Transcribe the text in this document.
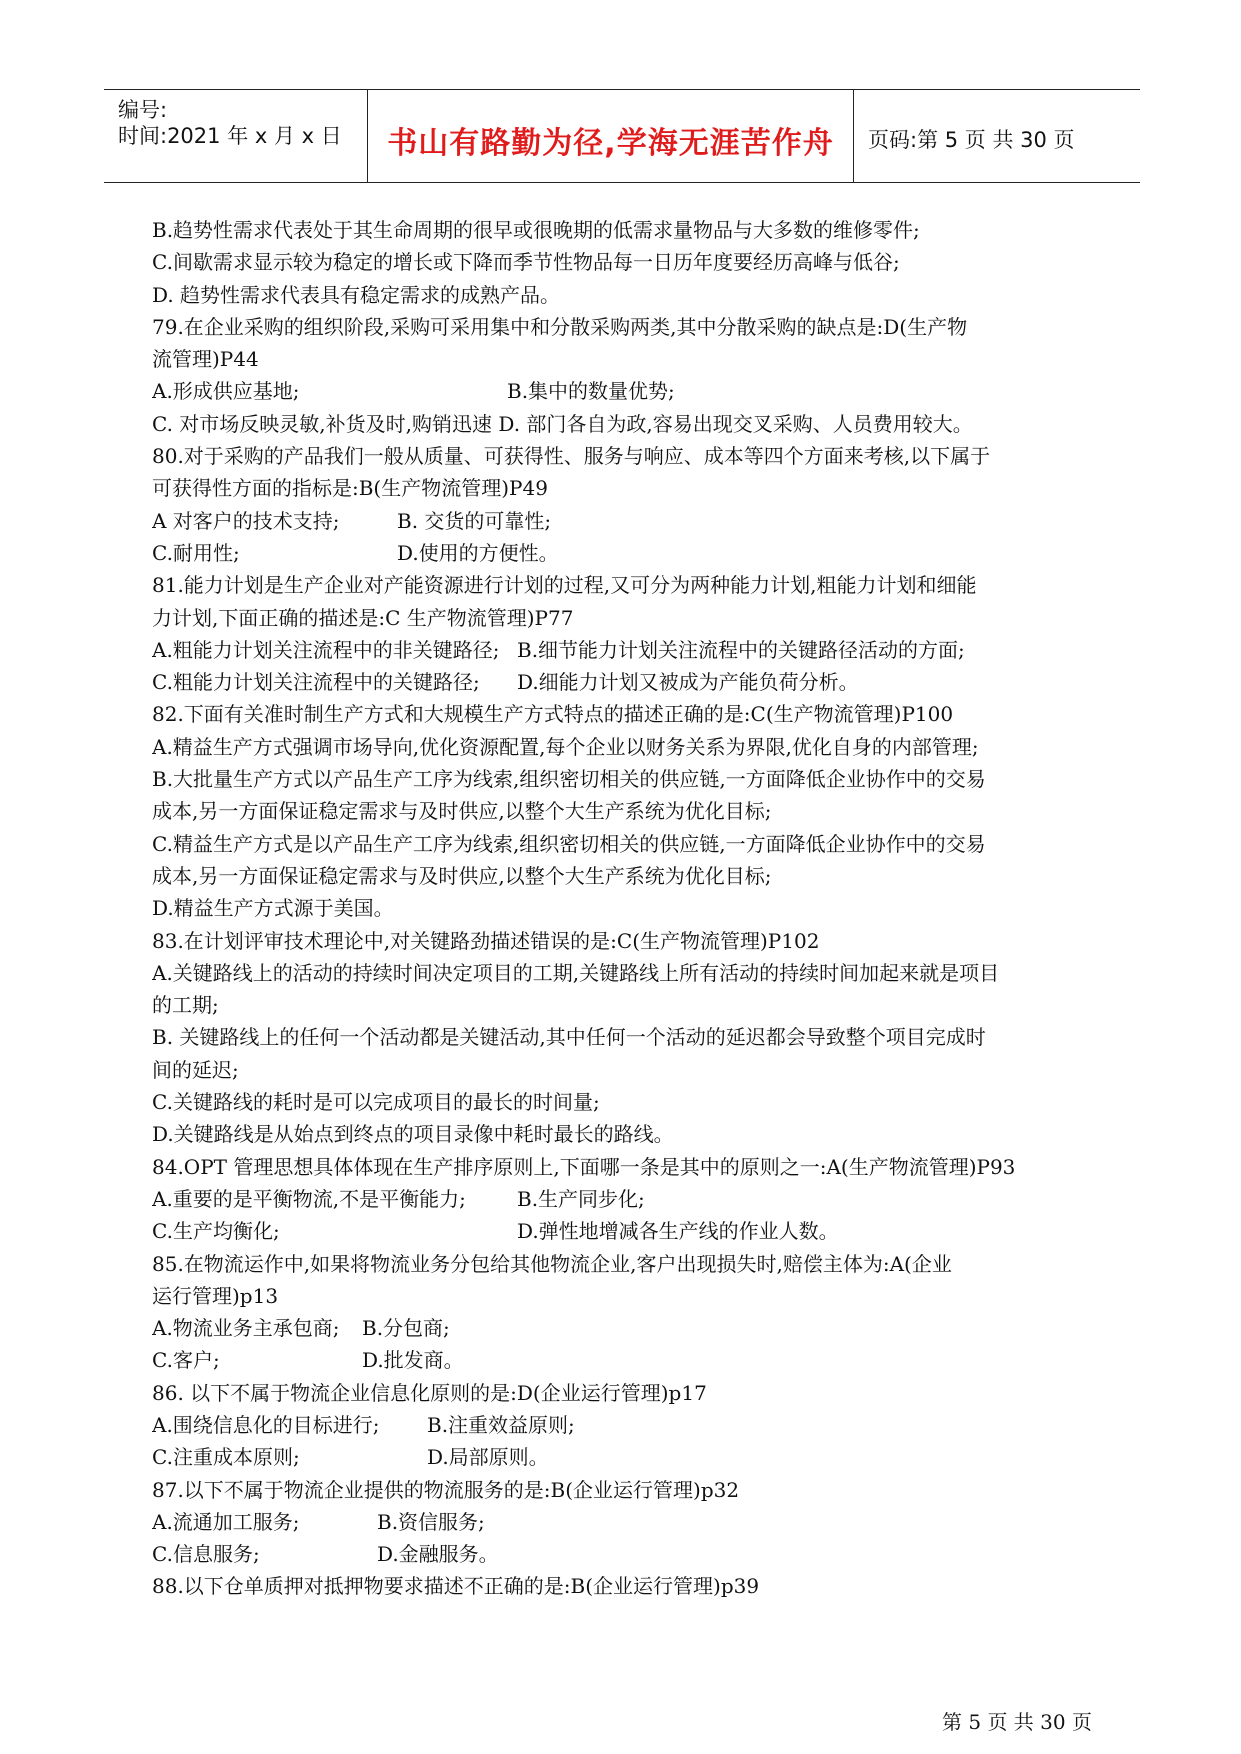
编号:
时间:2021 年 x 月 x 日	书山有路勤为径,学海无涯苦作舟	页码:第 5 页 共 30 页
B.趋势性需求代表处于其生命周期的很早或很晚期的低需求量物品与大多数的维修零件;
C.间歇需求显示较为稳定的增长或下降而季节性物品每一日历年度要经历高峰与低谷;
D. 趋势性需求代表具有稳定需求的成熟产品。
79.在企业采购的组织阶段,采购可采用集中和分散采购两类,其中分散采购的缺点是:D(生产物
流管理)P44
A.形成供应基地;	B.集中的数量优势;
C. 对市场反映灵敏,补货及时,购销迅速 D. 部门各自为政,容易出现交叉采购、人员费用较大。
80.对于采购的产品我们一般从质量、可获得性、服务与响应、成本等四个方面来考核,以下属于
可获得性方面的指标是:B(生产物流管理)P49
A 对客户的技术支持;	B. 交货的可靠性;
C.耐用性;	D.使用的方便性。
81.能力计划是生产企业对产能资源进行计划的过程,又可分为两种能力计划,粗能力计划和细能
力计划,下面正确的描述是:C 生产物流管理)P77
A.粗能力计划关注流程中的非关键路径; B.细节能力计划关注流程中的关键路径活动的方面;
C.粗能力计划关注流程中的关键路径; D.细能力计划又被成为产能负荷分析。
82.下面有关准时制生产方式和大规模生产方式特点的描述正确的是:C(生产物流管理)P100
A.精益生产方式强调市场导向,优化资源配置,每个企业以财务关系为界限,优化自身的内部管理;
B.大批量生产方式以产品生产工序为线索,组织密切相关的供应链,一方面降低企业协作中的交易
成本,另一方面保证稳定需求与及时供应,以整个大生产系统为优化目标;
C.精益生产方式是以产品生产工序为线索,组织密切相关的供应链,一方面降低企业协作中的交易
成本,另一方面保证稳定需求与及时供应,以整个大生产系统为优化目标;
D.精益生产方式源于美国。
83.在计划评审技术理论中,对关键路劲描述错误的是:C(生产物流管理)P102
A.关键路线上的活动的持续时间决定项目的工期,关键路线上所有活动的持续时间加起来就是项目
的工期;
B. 关键路线上的任何一个活动都是关键活动,其中任何一个活动的延迟都会导致整个项目完成时
间的延迟;
C.关键路线的耗时是可以完成项目的最长的时间量;
D.关键路线是从始点到终点的项目录像中耗时最长的路线。
84.OPT 管理思想具体体现在生产排序原则上,下面哪一条是其中的原则之一:A(生产物流管理)P93
A.重要的是平衡物流,不是平衡能力;	B.生产同步化;
C.生产均衡化;	D.弹性地增减各生产线的作业人数。
85.在物流运作中,如果将物流业务分包给其他物流企业,客户出现损失时,赔偿主体为:A(企业
运行管理)p13
A.物流业务主承包商; B.分包商;
C.客户;	D.批发商。
86. 以下不属于物流企业信息化原则的是:D(企业运行管理)p17
A.围绕信息化的目标进行; B.注重效益原则;
C.注重成本原则;	D.局部原则。
87.以下不属于物流企业提供的物流服务的是:B(企业运行管理)p32
A.流通加工服务;	B.资信服务;
C.信息服务;	D.金融服务。
88.以下仓单质押对抵押物要求描述不正确的是:B(企业运行管理)p39
第 5 页 共 30 页
